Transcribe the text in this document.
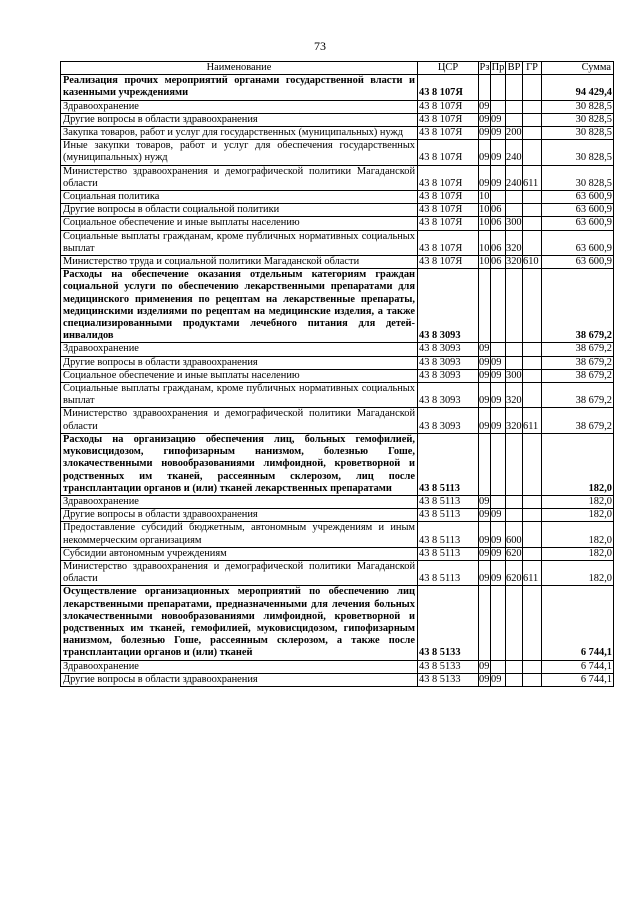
73
Наименование	ЦСР	Рз	Пр	ВР	ГР	Сумма
Реализация прочих мероприятий органами государственной власти и казенными учреждениями	43 8 107Я					94 429,4
Здравоохранение	43 8 107Я	09				30 828,5
Другие вопросы в области здравоохранения	43 8 107Я	09	09			30 828,5
Закупка товаров, работ и услуг для государственных (муниципальных) нужд	43 8 107Я	09	09	200		30 828,5
Иные закупки товаров, работ и услуг для обеспечения государственных (муниципальных) нужд	43 8 107Я	09	09	240		30 828,5
Министерство здравоохранения и демографической политики Магаданской области	43 8 107Я	09	09	240	611	30 828,5
Социальная политика	43 8 107Я	10				63 600,9
Другие вопросы в области социальной политики	43 8 107Я	10	06			63 600,9
Социальное обеспечение и иные выплаты населению	43 8 107Я	10	06	300		63 600,9
Социальные выплаты гражданам, кроме публичных нормативных социальных выплат	43 8 107Я	10	06	320		63 600,9
Министерство труда и социальной политики Магаданской области	43 8 107Я	10	06	320	610	63 600,9
Расходы на обеспечение оказания отдельным категориям граждан социальной услуги по обеспечению лекарственными препаратами для медицинского применения по рецептам на лекарственные препараты, медицинскими изделиями по рецептам на медицинские изделия, а также специализированными продуктами лечебного питания для детей-инвалидов	43 8 3093					38 679,2
Здравоохранение	43 8 3093	09				38 679,2
Другие вопросы в области здравоохранения	43 8 3093	09	09			38 679,2
Социальное обеспечение и иные выплаты населению	43 8 3093	09	09	300		38 679,2
Социальные выплаты гражданам, кроме публичных нормативных социальных выплат	43 8 3093	09	09	320		38 679,2
Министерство здравоохранения и демографической политики Магаданской области	43 8 3093	09	09	320	611	38 679,2
Расходы на организацию обеспечения лиц, больных гемофилией, муковисцидозом, гипофизарным нанизмом, болезнью Гоше, злокачественными новообразованиями лимфоидной, кроветворной и родственных им тканей, рассеянным склерозом, лиц после трансплантации органов и (или) тканей лекарственных препаратами	43 8 5113					182,0
Здравоохранение	43 8 5113	09				182,0
Другие вопросы в области здравоохранения	43 8 5113	09	09			182,0
Предоставление субсидий бюджетным, автономным учреждениям и иным некоммерческим организациям	43 8 5113	09	09	600		182,0
Субсидии автономным учреждениям	43 8 5113	09	09	620		182,0
Министерство здравоохранения и демографической политики Магаданской области	43 8 5113	09	09	620	611	182,0
Осуществление организационных мероприятий по обеспечению лиц лекарственными препаратами, предназначенными для лечения больных злокачественными новообразованиями лимфоидной, кроветворной и родственных им тканей, гемофилией, муковисцидозом, гипофизарным нанизмом, болезнью Гоше, рассеянным склерозом, а также после трансплантации органов и (или) тканей	43 8 5133					6 744,1
Здравоохранение	43 8 5133	09				6 744,1
Другие вопросы в области здравоохранения	43 8 5133	09	09			6 744,1
